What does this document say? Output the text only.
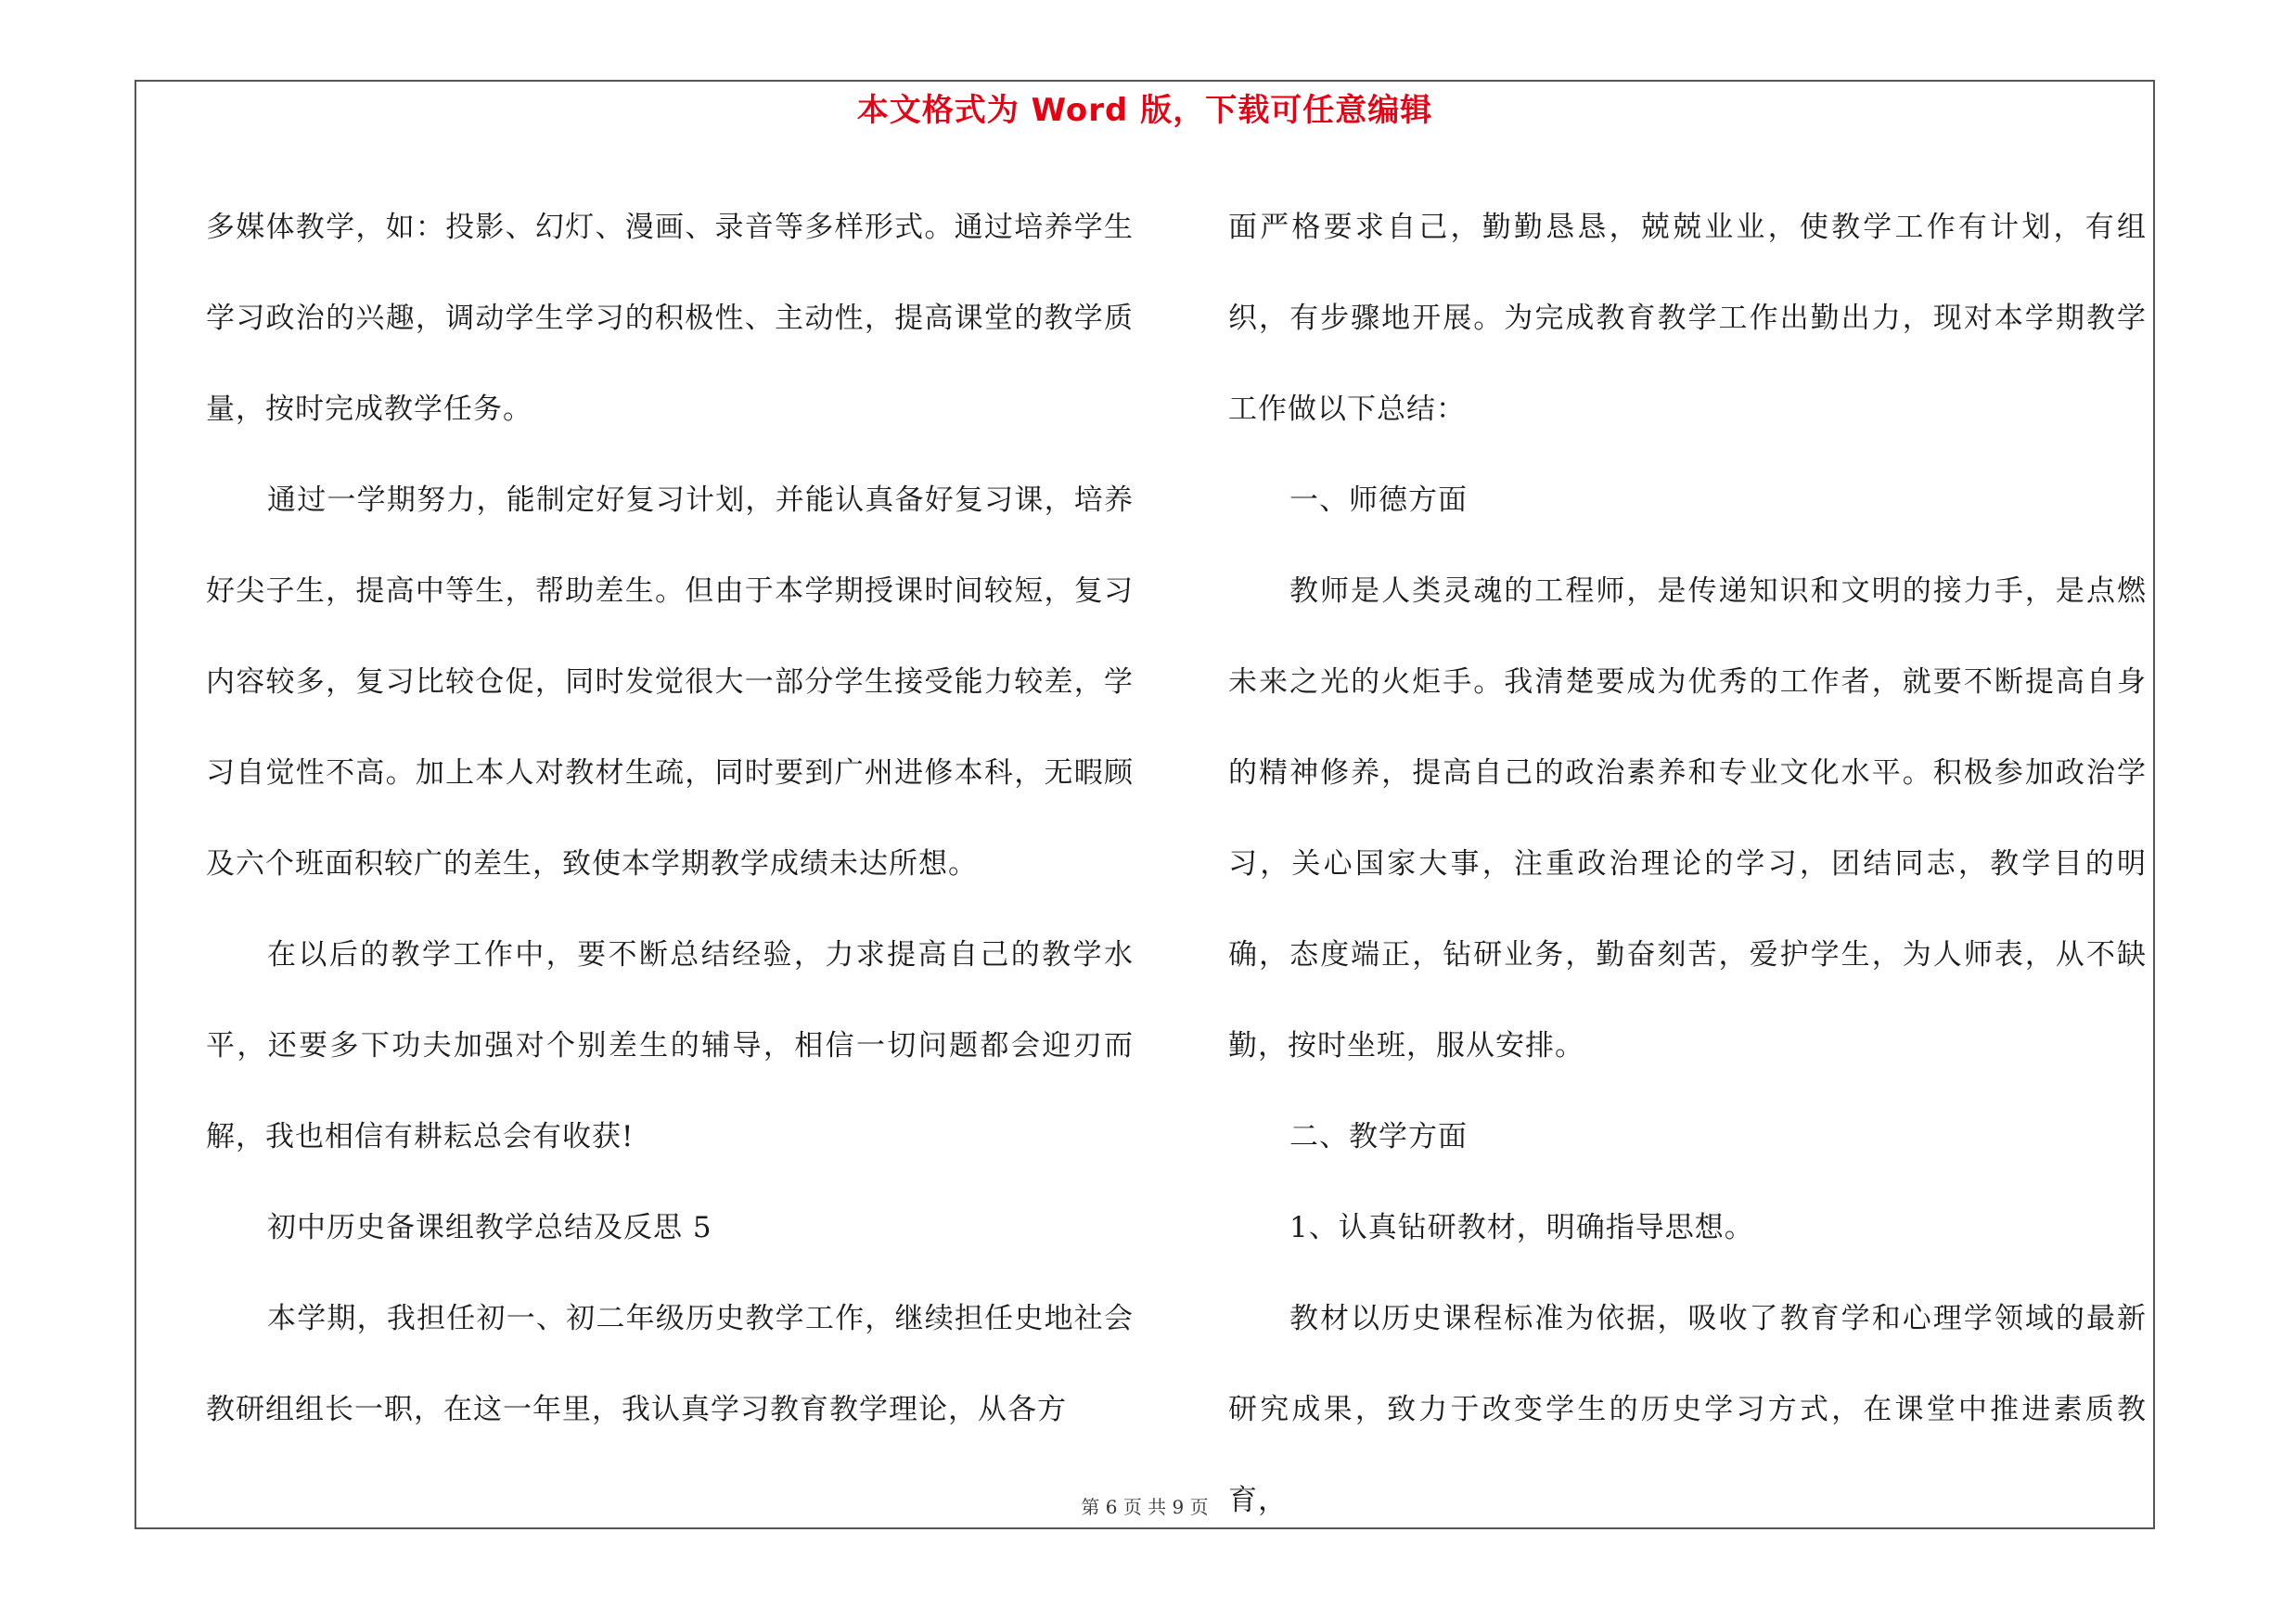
本文格式为 Word 版，下载可任意编辑

多媒体教学，如：投影、幻灯、漫画、录音等多样形式。通过培养学生学习政治的兴趣，调动学生学习的积极性、主动性，提高课堂的教学质量，按时完成教学任务。

通过一学期努力，能制定好复习计划，并能认真备好复习课，培养好尖子生，提高中等生，帮助差生。但由于本学期授课时间较短，复习内容较多，复习比较仓促，同时发觉很大一部分学生接受能力较差，学习自觉性不高。加上本人对教材生疏，同时要到广州进修本科，无暇顾及六个班面积较广的差生，致使本学期教学成绩未达所想。

在以后的教学工作中，要不断总结经验，力求提高自己的教学水平，还要多下功夫加强对个别差生的辅导，相信一切问题都会迎刃而解，我也相信有耕耘总会有收获!

初中历史备课组教学总结及反思 5

本学期，我担任初一、初二年级历史教学工作，继续担任史地社会教研组组长一职，在这一年里，我认真学习教育教学理论，从各方

面严格要求自己，勤勤恳恳，兢兢业业，使教学工作有计划，有组织，有步骤地开展。为完成教育教学工作出勤出力，现对本学期教学工作做以下总结：

一、师德方面

教师是人类灵魂的工程师，是传递知识和文明的接力手，是点燃未来之光的火炬手。我清楚要成为优秀的工作者，就要不断提高自身的精神修养，提高自己的政治素养和专业文化水平。积极参加政治学习，关心国家大事，注重政治理论的学习，团结同志，教学目的明确，态度端正，钻研业务，勤奋刻苦，爱护学生，为人师表，从不缺勤，按时坐班，服从安排。

二、教学方面

1、认真钻研教材，明确指导思想。

教材以历史课程标准为依据，吸收了教育学和心理学领域的最新研究成果，致力于改变学生的历史学习方式，在课堂中推进素质教育，

第 6 页 共 9 页
